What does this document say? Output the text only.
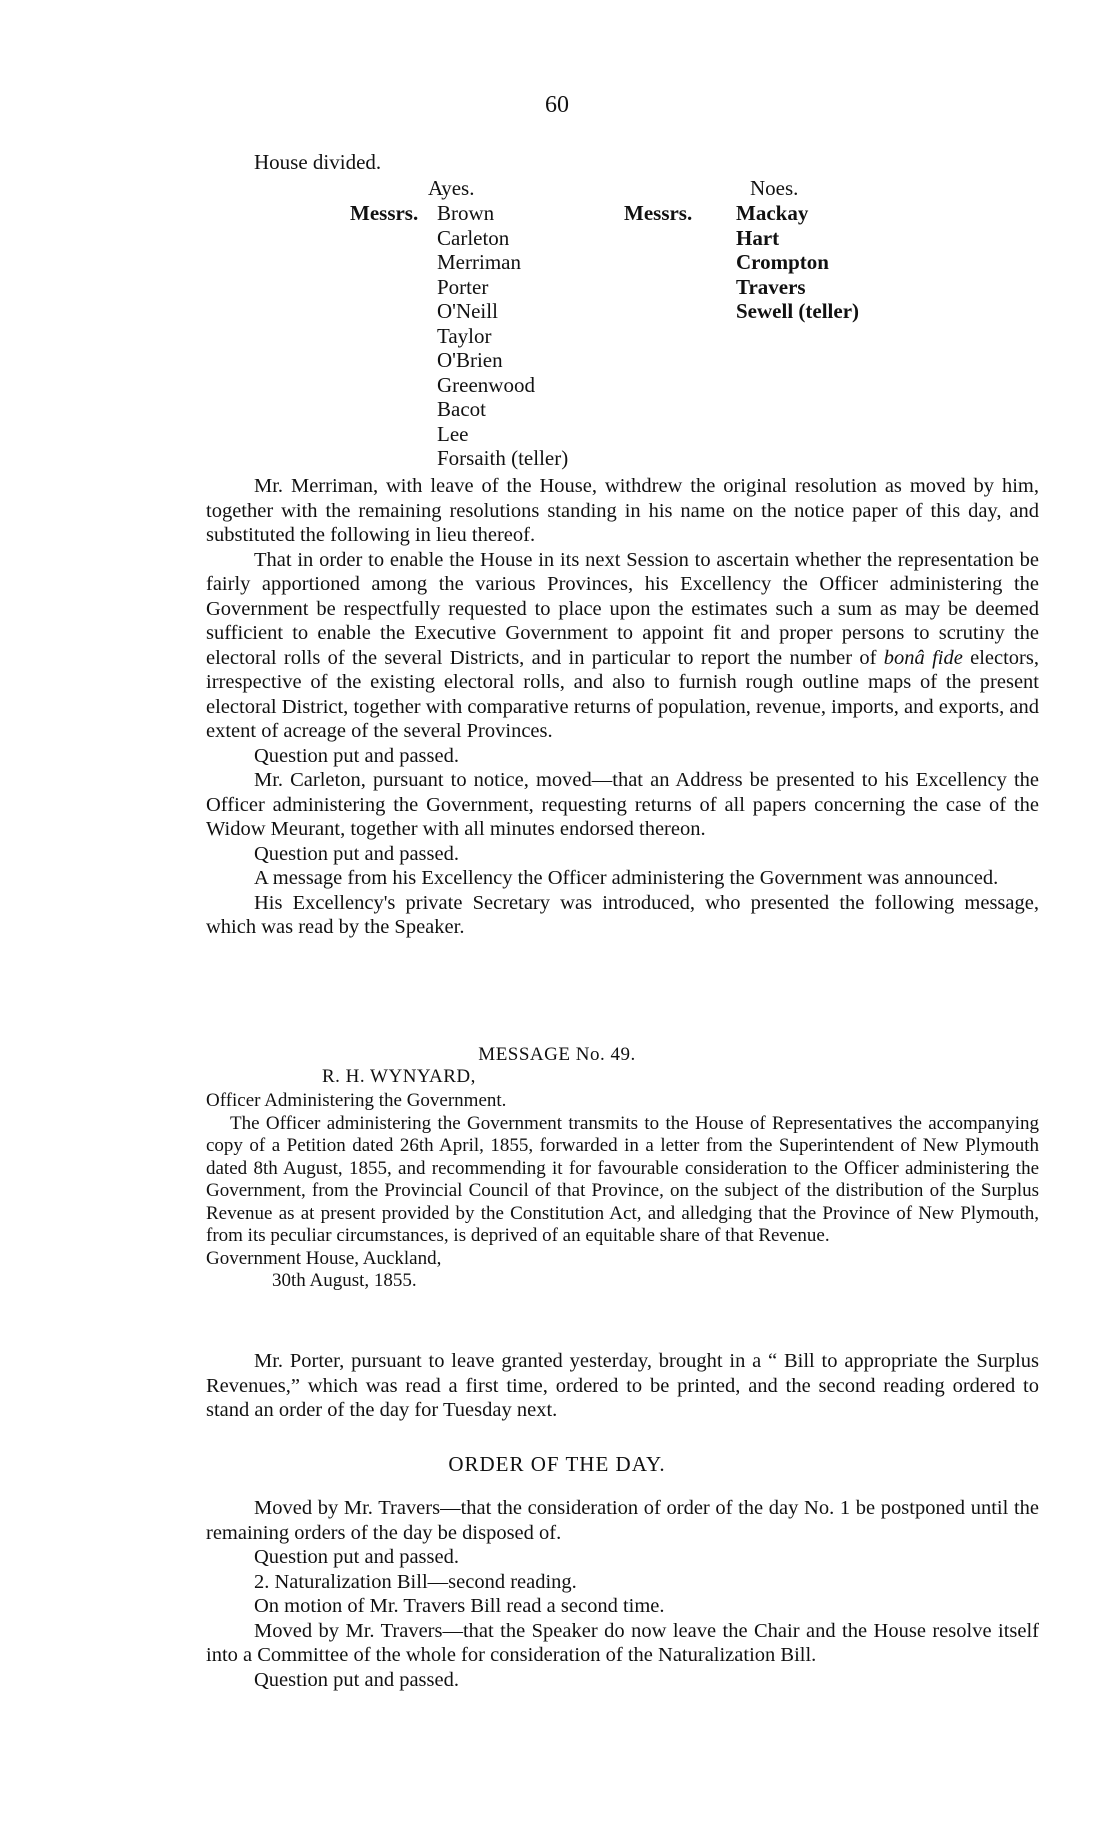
60
House divided.
Ayes.	Noes.
Messrs.	Messrs.
Brown
Carleton
Merriman
Porter
O'Neill
Taylor
O'Brien
Greenwood
Bacot
Lee
Forsaith (teller)
Mackay
Hart
Crompton
Travers
Sewell (teller)

Mr. Merriman, with leave of the House, withdrew the original resolution as moved by him, together with the remaining resolutions standing in his name on the notice paper of this day, and substituted the following in lieu thereof.

That in order to enable the House in its next Session to ascertain whether the representation be fairly apportioned among the various Provinces, his Excellency the Officer administering the Government be respectfully requested to place upon the estimates such a sum as may be deemed sufficient to enable the Executive Government to appoint fit and proper persons to scrutiny the electoral rolls of the several Districts, and in particular to report the number of bonâ fide electors, irrespective of the existing electoral rolls, and also to furnish rough outline maps of the present electoral District, together with comparative returns of population, revenue, imports, and exports, and extent of acreage of the several Provinces.

Question put and passed.

Mr. Carleton, pursuant to notice, moved—that an Address be presented to his Excellency the Officer administering the Government, requesting returns of all papers concerning the case of the Widow Meurant, together with all minutes endorsed thereon.

Question put and passed.

A message from his Excellency the Officer administering the Government was announced.

His Excellency's private Secretary was introduced, who presented the following message, which was read by the Speaker.

MESSAGE No. 49.
R. H. WYNYARD,

Officer Administering the Government.

The Officer administering the Government transmits to the House of Representatives the accompanying copy of a Petition dated 26th April, 1855, forwarded in a letter from the Superintendent of New Plymouth dated 8th August, 1855, and recommending it for favourable consideration to the Officer administering the Government, from the Provincial Council of that Province, on the subject of the distribution of the Surplus Revenue as at present provided by the Constitution Act, and alledging that the Province of New Plymouth, from its peculiar circumstances, is deprived of an equitable share of that Revenue.

Government House, Auckland,

30th August, 1855.

Mr. Porter, pursuant to leave granted yesterday, brought in a “ Bill to appropriate the Surplus Revenues,” which was read a first time, ordered to be printed, and the second reading ordered to stand an order of the day for Tuesday next.

ORDER OF THE DAY.

Moved by Mr. Travers—that the consideration of order of the day No. 1 be postponed until the remaining orders of the day be disposed of.

Question put and passed.

2. Naturalization Bill—second reading.

On motion of Mr. Travers Bill read a second time.

Moved by Mr. Travers—that the Speaker do now leave the Chair and the House resolve itself into a Committee of the whole for consideration of the Naturalization Bill.

Question put and passed.
